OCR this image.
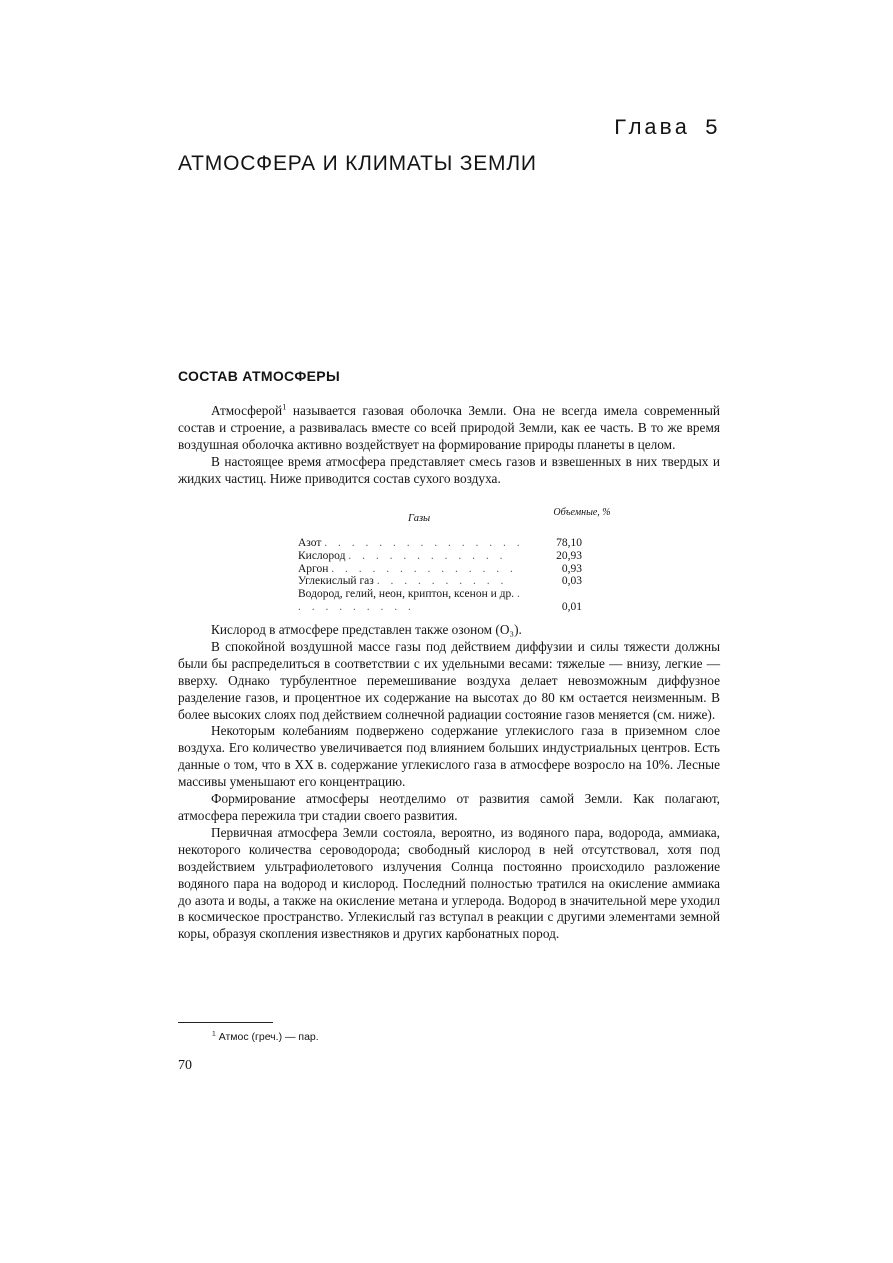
Глава 5
АТМОСФЕРА И КЛИМАТЫ ЗЕМЛИ
СОСТАВ АТМОСФЕРЫ

Атмосферой$^1$ называется газовая оболочка Земли. Она не всегда имела современный состав и строение, а развивалась вместе со всей природой Земли, как ее часть. В то же время воздушная оболочка активно воздействует на формирование природы планеты в целом.

В настоящее время атмосфера представляет смесь газов и взвешенных в них твердых и жидких частиц. Ниже приводится состав сухого воздуха.

Газы
Объемные, %
Азот . . . . . . . . . . . . . . .	78,10
Кислород . . . . . . . . . . . .	20,93
Аргон . . . . . . . . . . . . . .	0,93
Углекислый газ . . . . . . . . . .	0,03
Водород, гелий, неон, криптон, ксенон и др. . . . . . . . . . .	0,01

Кислород в атмосфере представлен также озоном (O₃).

В спокойной воздушной массе газы под действием диффузии и силы тяжести должны были бы распределиться в соответствии с их удельными весами: тяжелые — внизу, легкие — вверху. Однако турбулентное перемешивание воздуха делает невозможным диффузное разделение газов, и процентное их содержание на высотах до 80 км остается неизменным. В более высоких слоях под действием солнечной радиации состояние газов меняется (см. ниже).

Некоторым колебаниям подвержено содержание углекислого газа в приземном слое воздуха. Его количество увеличивается под влиянием больших индустриальных центров. Есть данные о том, что в XX в. содержание углекислого газа в атмосфере возросло на 10%. Лесные массивы уменьшают его концентрацию.

Формирование атмосферы неотделимо от развития самой Земли. Как полагают, атмосфера пережила три стадии своего развития.

Первичная атмосфера Земли состояла, вероятно, из водяного пара, водорода, аммиака, некоторого количества сероводорода; свободный кислород в ней отсутствовал, хотя под воздействием ультрафиолетового излучения Солнца постоянно происходило разложение водяного пара на водород и кислород. Последний полностью тратился на окисление аммиака до азота и воды, а также на окисление метана и углерода. Водород в значительной мере уходил в космическое пространство. Углекислый газ вступал в реакции с другими элементами земной коры, образуя скопления известняков и других карбонатных пород.

$^1$ Атмос (греч.) — пар.
70
